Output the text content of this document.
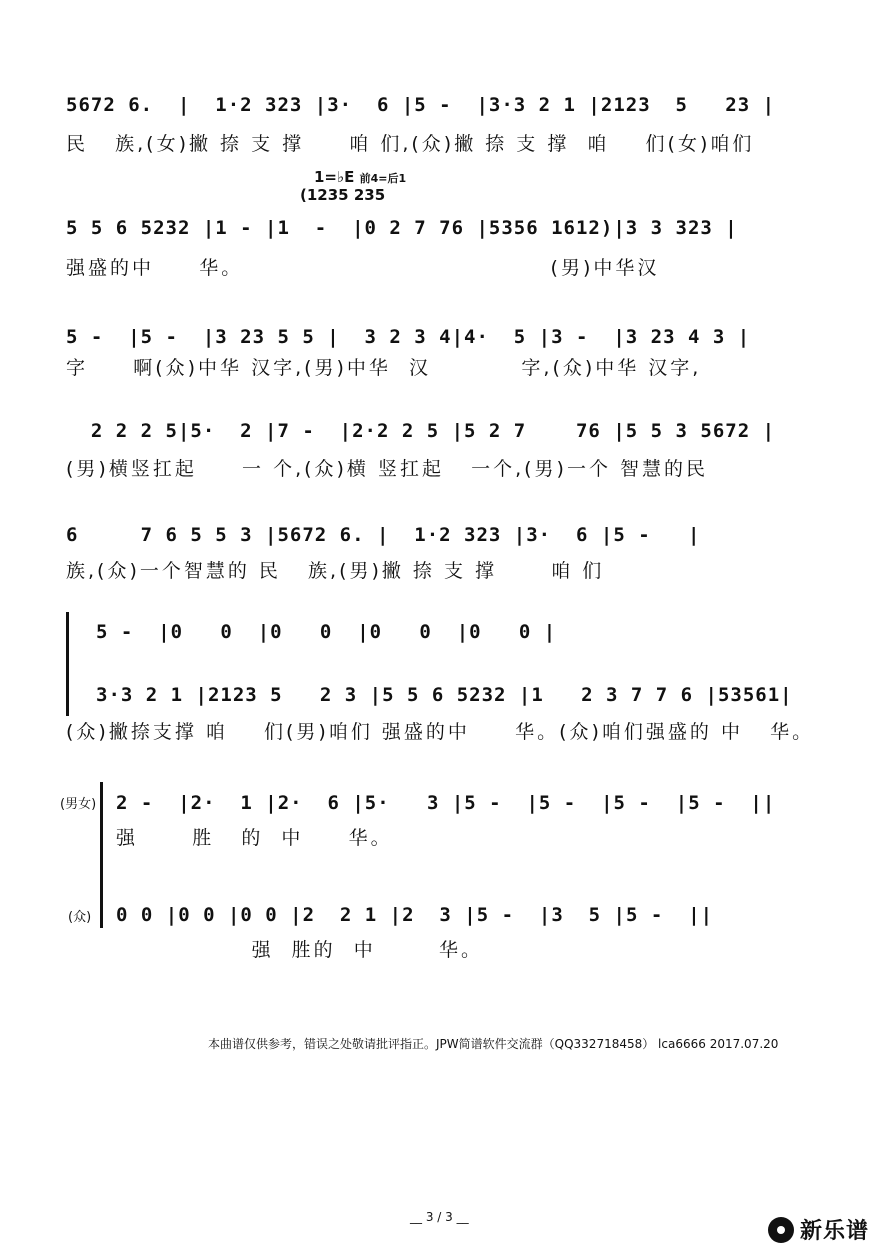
5672 6.  |  1·2 323 |3·  6 |5 -  |3·3 2 1 |2123  5   23 |
民   族,(女)撇 捺 支 撑     咱 们,(众)撇 捺 支 撑  咱    们(女)咱们
1=♭E 前4=后1
(1235 235
5 5 6 5232 |1 - |1  -  |0 2 7 76 |5356 1612)|3 3 323 |
强盛的中     华。                                  (男)中华汉
5 -  |5 -  |3 23 5 5 |  3 2 3 4|4·  5 |3 -  |3 23 4 3 |
字     啊(众)中华 汉字,(男)中华  汉          字,(众)中华 汉字,
2 2 2 5|5·  2 |7 -  |2·2 2 5 |5 2 7    76 |5 5 3 5672 |
(男)横竖扛起     一 个,(众)横 竖扛起   一个,(男)一个 智慧的民
6     7 6 5 5 3 |5672 6. |  1·2 323 |3·  6 |5 -   |
族,(众)一个智慧的 民   族,(男)撇 捺 支 撑      咱 们
5 -  |0   0  |0   0  |0   0  |0   0 |
3·3 2 1 |2123 5   2 3 |5 5 6 5232 |1   2 3 7 7 6 |53561|
(众)撇捺支撑 咱    们(男)咱们 强盛的中     华。(众)咱们强盛的 中   华。
(男女) 2 -  |2·  1 |2·  6 |5·   3 |5 -  |5 -  |5 -  |5 -  ||
强      胜   的  中     华。
(众) 0 0 |0 0 |0 0 |2  2 1 |2  3 |5 -  |3  5 |5 -  ||
强  胜的  中       华。
本曲谱仅供参考，错误之处敬请批评指正。JPW简谱软件交流群（QQ332718458） lca6666 2017.07.20
__ 3 / 3 __
新乐谱
